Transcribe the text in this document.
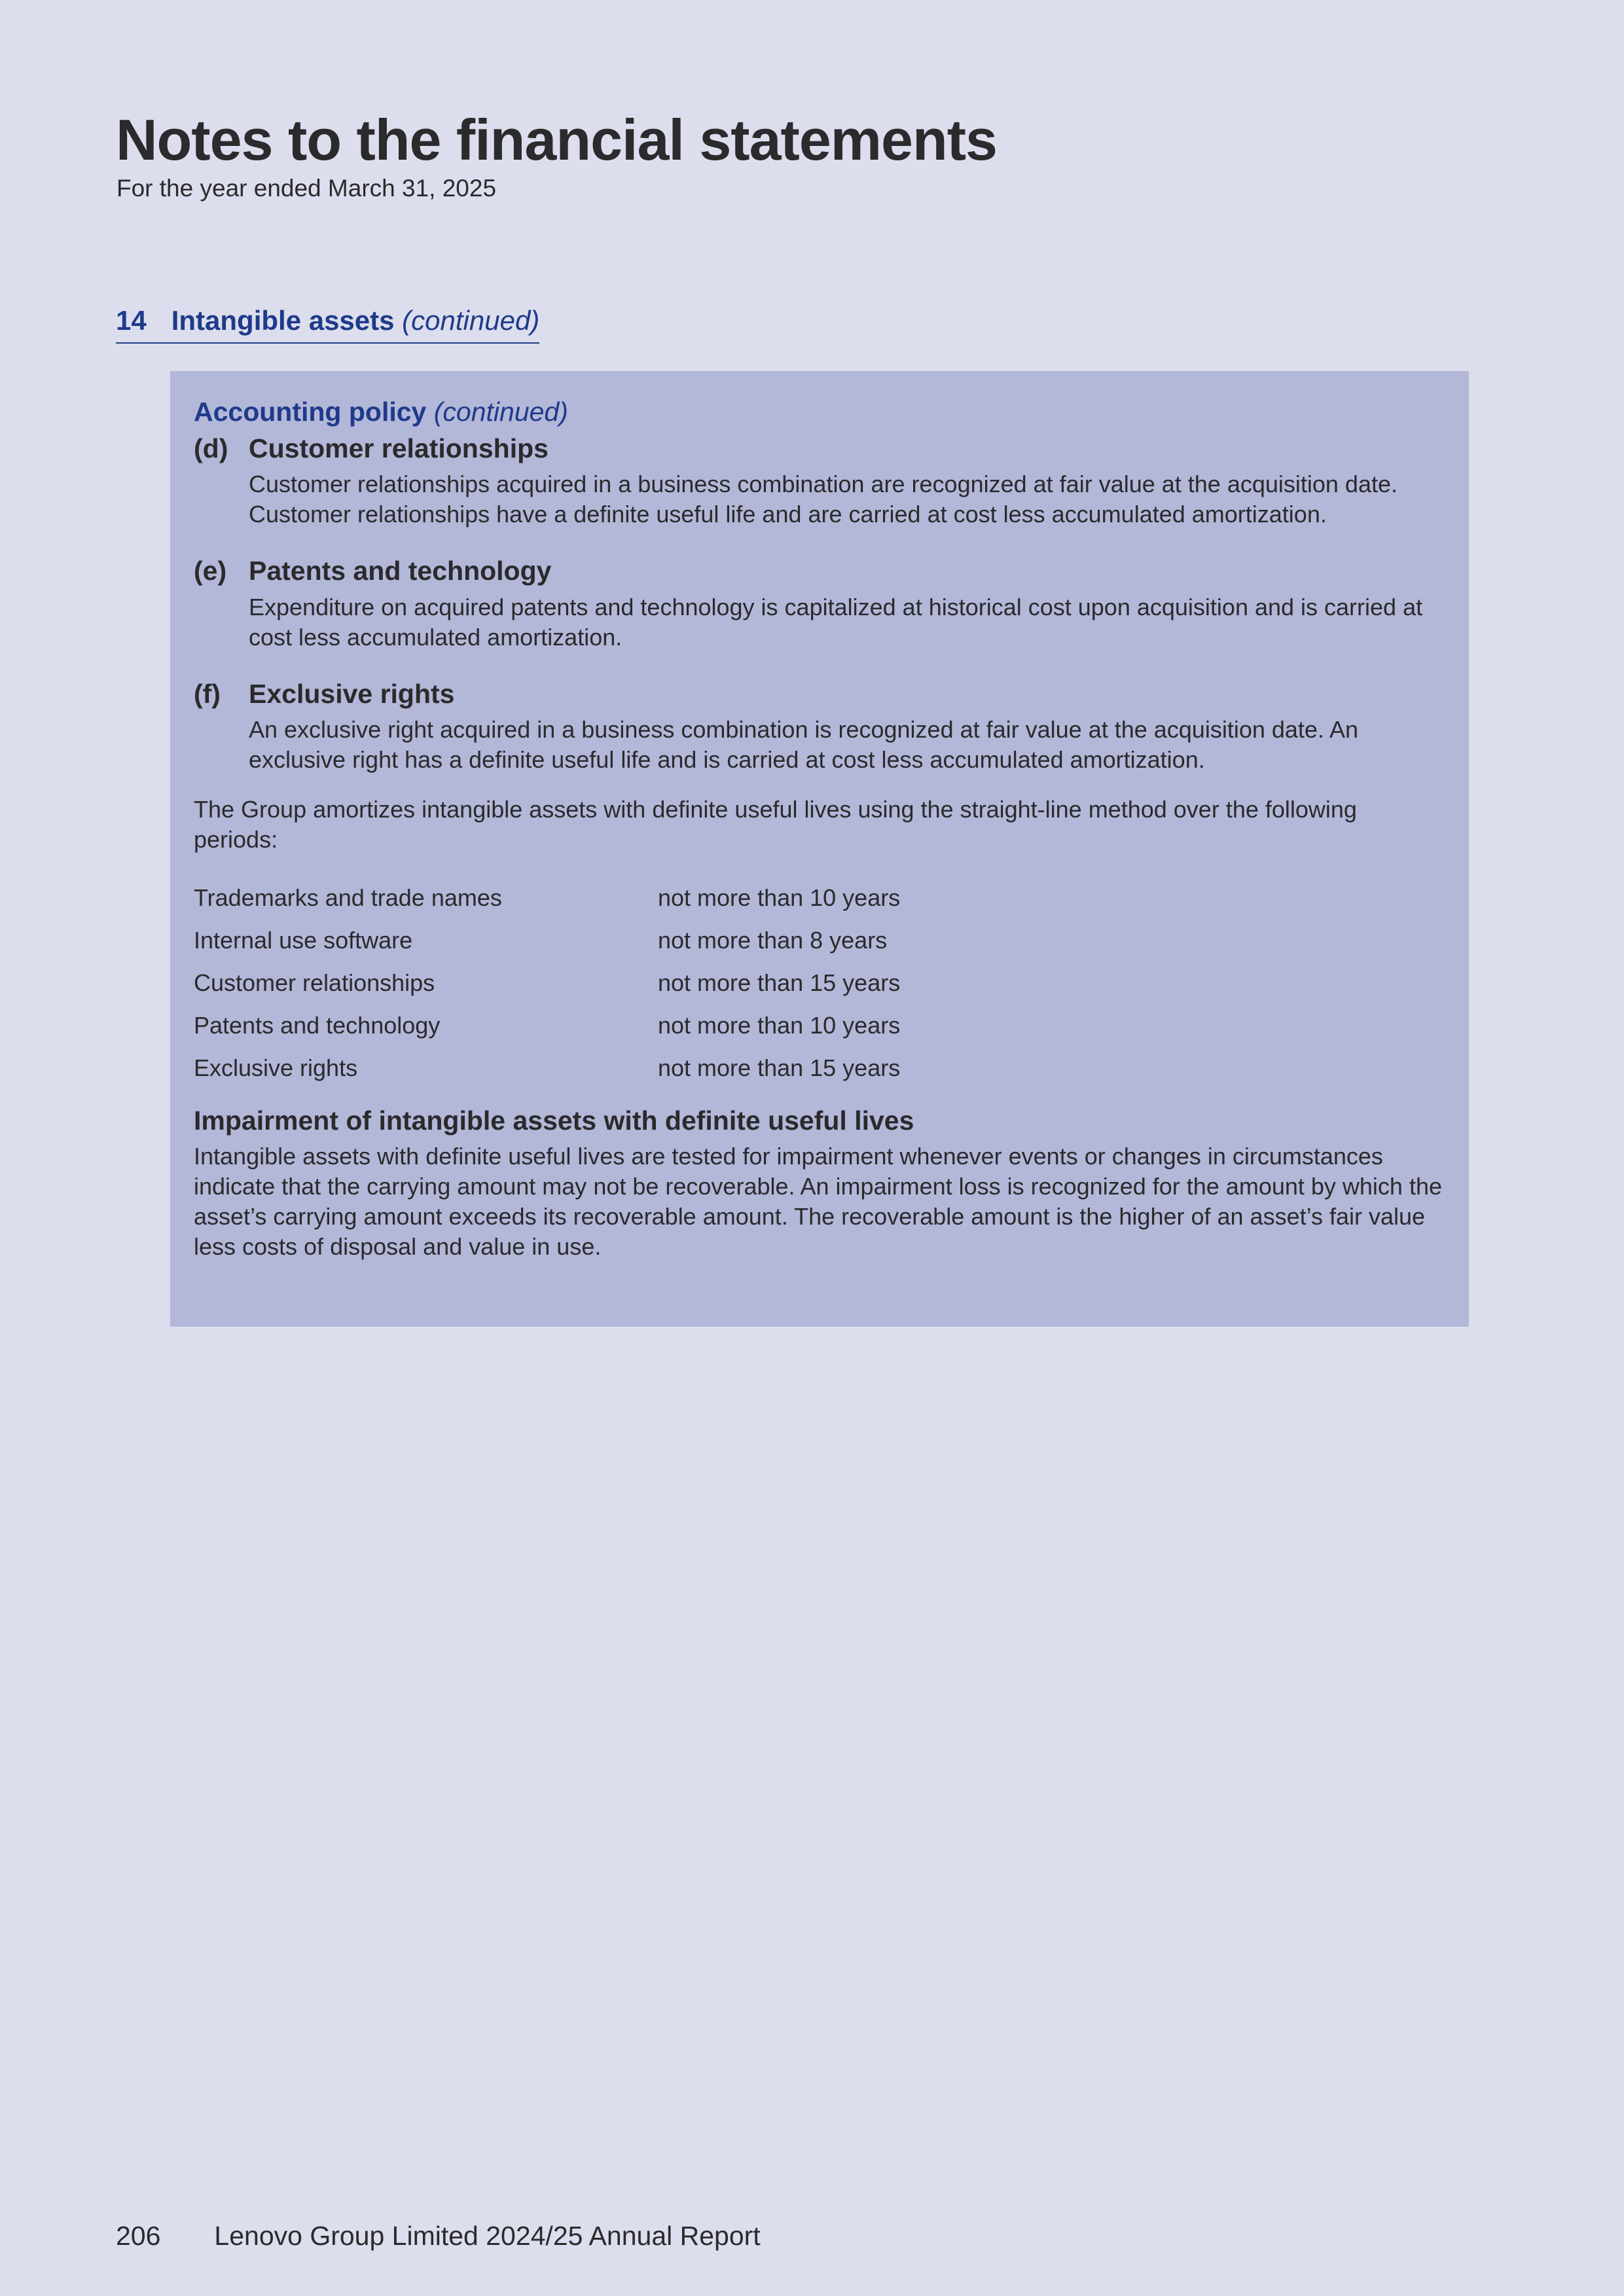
Notes to the financial statements
For the year ended March 31, 2025
14 Intangible assets (continued)
Accounting policy (continued)
(d) Customer relationships
Customer relationships acquired in a business combination are recognized at fair value at the acquisition date. Customer relationships have a definite useful life and are carried at cost less accumulated amortization.
(e) Patents and technology
Expenditure on acquired patents and technology is capitalized at historical cost upon acquisition and is carried at cost less accumulated amortization.
(f)	Exclusive rights
An exclusive right acquired in a business combination is recognized at fair value at the acquisition date. An exclusive right has a definite useful life and is carried at cost less accumulated amortization.
The Group amortizes intangible assets with definite useful lives using the straight-line method over the following periods:
Trademarks and trade names	not more than 10 years
Internal use software	not more than 8 years
Customer relationships	not more than 15 years
Patents and technology	not more than 10 years
Exclusive rights	not more than 15 years
Impairment of intangible assets with definite useful lives
Intangible assets with definite useful lives are tested for impairment whenever events or changes in circumstances indicate that the carrying amount may not be recoverable. An impairment loss is recognized for the amount by which the asset’s carrying amount exceeds its recoverable amount. The recoverable amount is the higher of an asset’s fair value less costs of disposal and value in use.
206 Lenovo Group Limited 2024/25 Annual Report
